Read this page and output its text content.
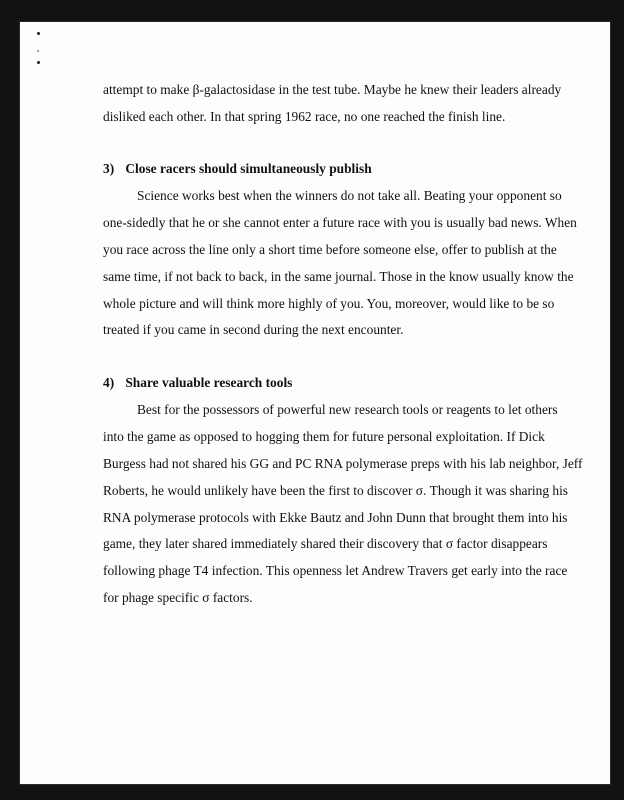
attempt to make β-galactosidase in the test tube. Maybe he knew their leaders already
disliked each other. In that spring 1962 race, no one reached the finish line.
3) Close racers should simultaneously publish
Science works best when the winners do not take all. Beating your opponent so
one-sidedly that he or she cannot enter a future race with you is usually bad news. When
you race across the line only a short time before someone else, offer to publish at the
same time, if not back to back, in the same journal. Those in the know usually know the
whole picture and will think more highly of you. You, moreover, would like to be so
treated if you came in second during the next encounter.
4) Share valuable research tools
Best for the possessors of powerful new research tools or reagents to let others
into the game as opposed to hogging them for future personal exploitation. If Dick
Burgess had not shared his GG and PC RNA polymerase preps with his lab neighbor, Jeff
Roberts, he would unlikely have been the first to discover σ. Though it was sharing his
RNA polymerase protocols with Ekke Bautz and John Dunn that brought them into his
game, they later shared immediately shared their discovery that σ factor disappears
following phage T4 infection. This openness let Andrew Travers get early into the race
for phage specific σ factors.
